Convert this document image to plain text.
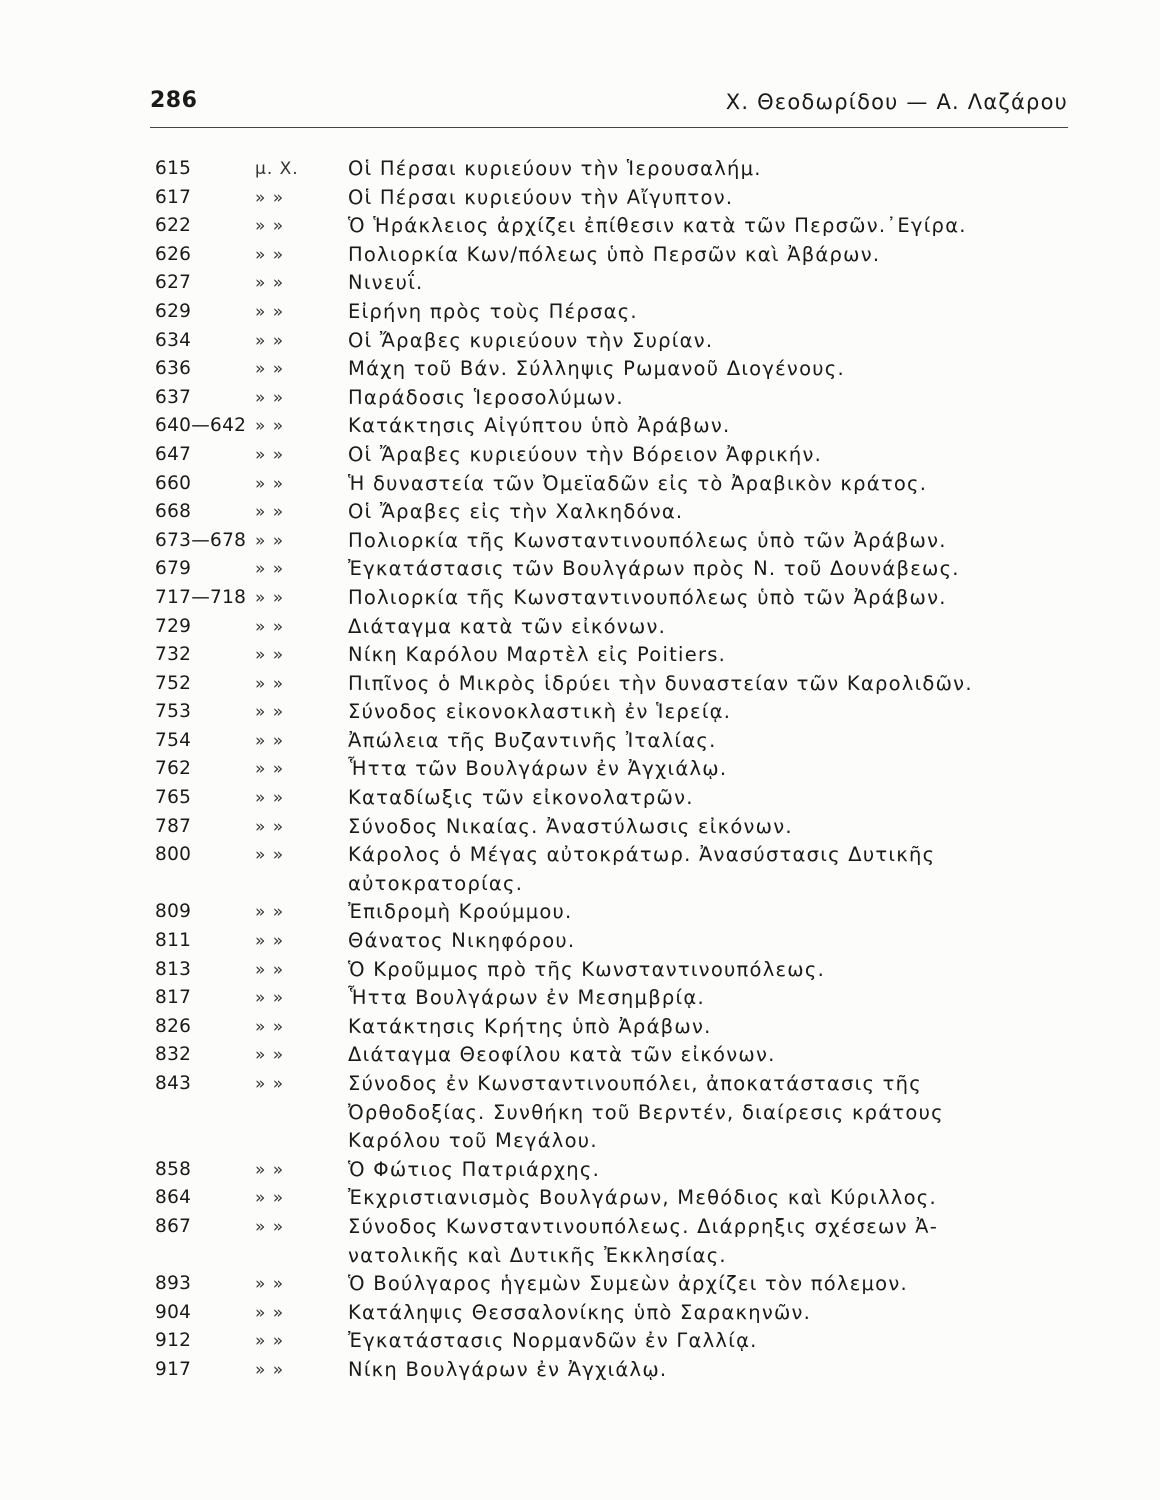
286	Χ. Θεοδωρίδου — Α. Λαζάρου
615	μ. Χ.	Οἱ Πέρσαι κυριεύουν τὴν Ἱερουσαλήμ.
617	» »	Οἱ Πέρσαι κυριεύουν τὴν Αἴγυπτον.
622	» »	Ὁ Ἡράκλειος ἀρχίζει ἐπίθεσιν κατὰ τῶν Περσῶν.᾿Εγίρα.
626	» »	Πολιορκία Κων/πόλεως ὑπὸ Περσῶν καὶ Ἀβάρων.
627	» »	Νινευΐ.
629	» »	Εἰρήνη πρὸς τοὺς Πέρσας.
634	» »	Οἱ Ἄραβες κυριεύουν τὴν Συρίαν.
636	» »	Μάχη τοῦ Βάν. Σύλληψις Ρωμανοῦ Διογένους.
637	» »	Παράδοσις Ἱεροσολύμων.
640—642 » »	Κατάκτησις Αἰγύπτου ὑπὸ Ἀράβων.
647	» »	Οἱ Ἄραβες κυριεύουν τὴν Βόρειον Ἀφρικήν.
660	» »	Ἡ δυναστεία τῶν Ὀμεϊαδῶν εἰς τὸ Ἀραβικὸν κράτος.
668	» »	Οἱ Ἄραβες εἰς τὴν Χαλκηδόνα.
673—678 » »	Πολιορκία τῆς Κωνσταντινουπόλεως ὑπὸ τῶν Ἀράβων.
679	» »	Ἐγκατάστασις τῶν Βουλγάρων πρὸς Ν. τοῦ Δουνάβεως.
717—718 » »	Πολιορκία τῆς Κωνσταντινουπόλεως ὑπὸ τῶν Ἀράβων.
729	» »	Διάταγμα κατὰ τῶν εἰκόνων.
732	» »	Νίκη Καρόλου Μαρτὲλ εἰς Poitiers.
752	» »	Πιπῖνος ὁ Μικρὸς ἱδρύει τὴν δυναστείαν τῶν Καρολιδῶν.
753	» »	Σύνοδος εἰκονοκλαστικὴ ἐν Ἱερείᾳ.
754	» »	Ἀπώλεια τῆς Βυζαντινῆς Ἰταλίας.
762	» »	Ἧττα τῶν Βουλγάρων ἐν Ἀγχιάλῳ.
765	» »	Καταδίωξις τῶν εἰκονολατρῶν.
787	» »	Σύνοδος Νικαίας. Ἀναστύλωσις εἰκόνων.
800	» »	Κάρολος ὁ Μέγας αὐτοκράτωρ. Ἀνασύστασις Δυτικῆς
αὐτοκρατορίας.
809	» »	Ἐπιδρομὴ Κρούμμου.
811	» »	Θάνατος Νικηφόρου.
813	» »	Ὁ Κροῦμμος πρὸ τῆς Κωνσταντινουπόλεως.
817	» »	Ἧττα Βουλγάρων ἐν Μεσημβρίᾳ.
826	» »	Κατάκτησις Κρήτης ὑπὸ Ἀράβων.
832	» »	Διάταγμα Θεοφίλου κατὰ τῶν εἰκόνων.
843	» »	Σύνοδος ἐν Κωνσταντινουπόλει, ἀποκατάστασις τῆς
Ὀρθοδοξίας. Συνθήκη τοῦ Βερντέν, διαίρεσις κράτους
Καρόλου τοῦ Μεγάλου.
858	» »	Ὁ Φώτιος Πατριάρχης.
864	» »	Ἐκχριστιανισμὸς Βουλγάρων, Μεθόδιος καὶ Κύριλλος.
867	» »	Σύνοδος Κωνσταντινουπόλεως. Διάρρηξις σχέσεων Ἀ-
νατολικῆς καὶ Δυτικῆς Ἐκκλησίας.
893	» »	Ὁ Βούλγαρος ἡγεμὼν Συμεὼν ἀρχίζει τὸν πόλεμον.
904	» »	Κατάληψις Θεσσαλονίκης ὑπὸ Σαρακηνῶν.
912	» »	Ἐγκατάστασις Νορμανδῶν ἐν Γαλλίᾳ.
917	» »	Νίκη Βουλγάρων ἐν Ἀγχιάλῳ.
